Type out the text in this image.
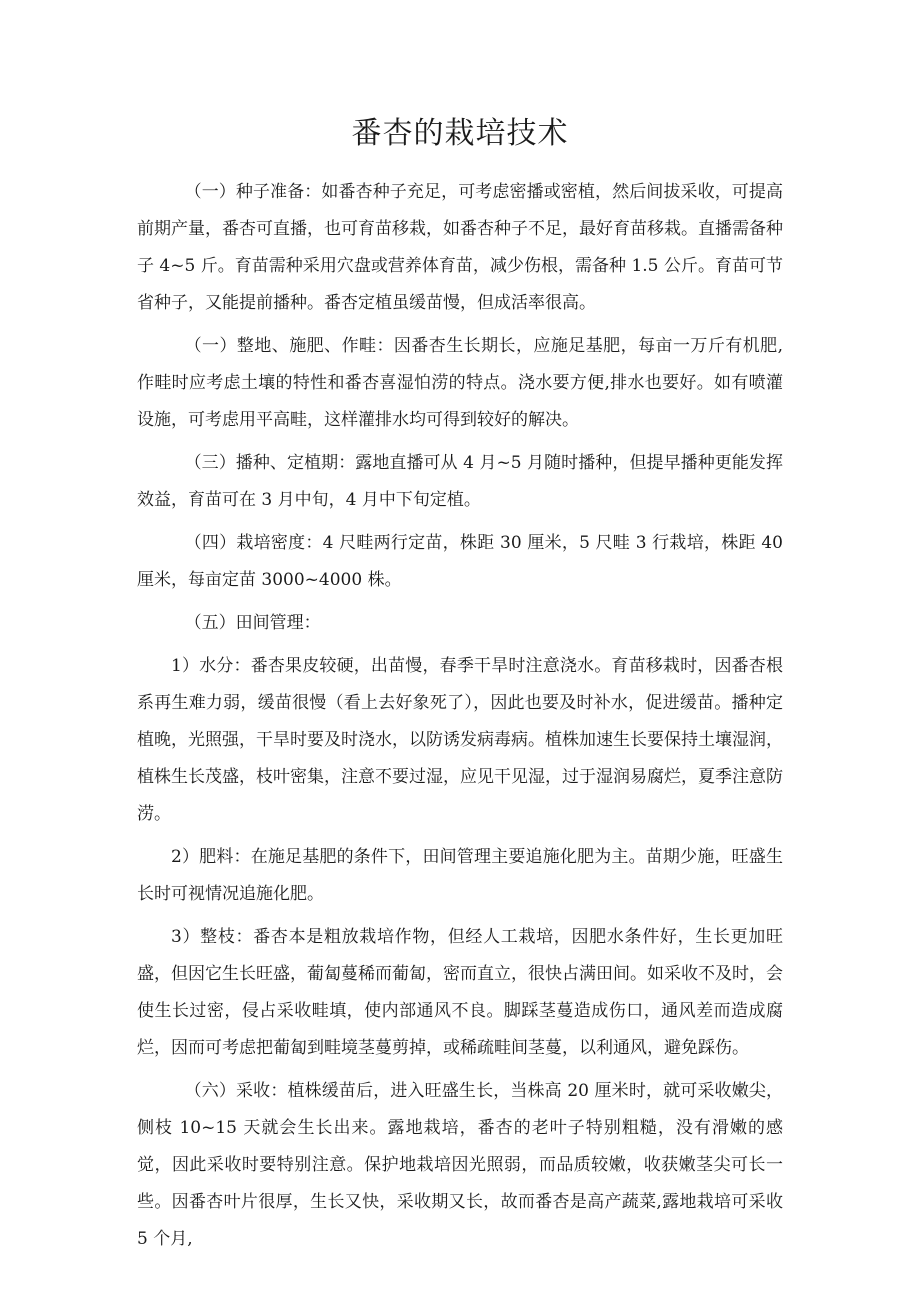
番杏的栽培技术

（一）种子准备：如番杏种子充足，可考虑密播或密植，然后间拔采收，可提高前期产量，番杏可直播，也可育苗移栽，如番杏种子不足，最好育苗移栽。直播需备种子 4~5 斤。育苗需种采用穴盘或营养体育苗，减少伤根，需备种 1.5 公斤。育苗可节省种子，又能提前播种。番杏定植虽缓苗慢，但成活率很高。

（一）整地、施肥、作畦：因番杏生长期长，应施足基肥，每亩一万斤有机肥,作畦时应考虑土壤的特性和番杏喜湿怕涝的特点。浇水要方便,排水也要好。如有喷灌设施，可考虑用平高畦，这样灌排水均可得到较好的解决。

（三）播种、定植期：露地直播可从 4 月~5 月随时播种，但提早播种更能发挥效益，育苗可在 3 月中旬，4 月中下旬定植。

（四）栽培密度：4 尺畦两行定苗，株距 30 厘米，5 尺畦 3 行栽培，株距 40 厘米，每亩定苗 3000~4000 株。

（五）田间管理：

1）水分：番杏果皮较硬，出苗慢，春季干旱时注意浇水。育苗移栽时，因番杏根系再生难力弱，缓苗很慢（看上去好象死了），因此也要及时补水，促进缓苗。播种定植晚，光照强，干旱时要及时浇水，以防诱发病毒病。植株加速生长要保持土壤湿润，植株生长茂盛，枝叶密集，注意不要过湿，应见干见湿，过于湿润易腐烂，夏季注意防涝。

2）肥料：在施足基肥的条件下，田间管理主要追施化肥为主。苗期少施，旺盛生长时可视情况追施化肥。

3）整枝：番杏本是粗放栽培作物，但经人工栽培，因肥水条件好，生长更加旺盛，但因它生长旺盛，葡匐蔓稀而葡匐，密而直立，很快占满田间。如采收不及时，会使生长过密，侵占采收畦填，使内部通风不良。脚踩茎蔓造成伤口，通风差而造成腐烂，因而可考虑把葡匐到畦境茎蔓剪掉，或稀疏畦间茎蔓，以利通风，避免踩伤。

（六）采收：植株缓苗后，进入旺盛生长，当株高 20 厘米时，就可采收嫩尖，侧枝 10~15 天就会生长出来。露地栽培，番杏的老叶子特别粗糙，没有滑嫩的感觉，因此采收时要特别注意。保护地栽培因光照弱，而品质较嫩，收获嫩茎尖可长一些。因番杏叶片很厚，生长又快，采收期又长，故而番杏是高产蔬菜,露地栽培可采收 5 个月,
